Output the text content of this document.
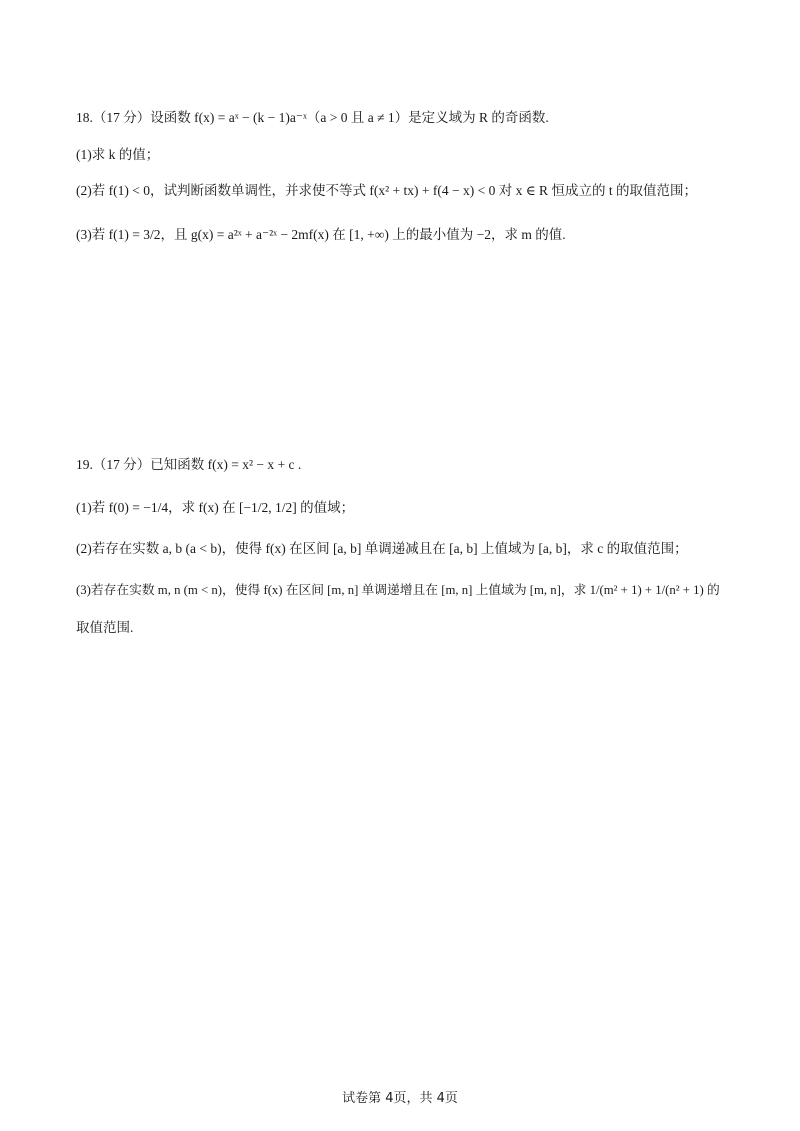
18.（17 分）设函数 f(x) = aˣ − (k − 1)a⁻ˣ（a > 0 且 a ≠ 1）是定义域为 R 的奇函数.
(1)求 k 的值；
(2)若 f(1) < 0，试判断函数单调性，并求使不等式 f(x² + tx) + f(4 − x) < 0 对 x ∈ R 恒成立的 t 的取值范围；
(3)若 f(1) = 3/2，且 g(x) = a²ˣ + a⁻²ˣ − 2mf(x) 在 [1, +∞) 上的最小值为 −2，求 m 的值.
19.（17 分）已知函数 f(x) = x² − x + c .
(1)若 f(0) = −1/4，求 f(x) 在 [−1/2, 1/2] 的值域；
(2)若存在实数 a, b (a < b)，使得 f(x) 在区间 [a, b] 单调递减且在 [a, b] 上值域为 [a, b]，求 c 的取值范围；
(3)若存在实数 m, n (m < n)，使得 f(x) 在区间 [m, n] 单调递增且在 [m, n] 上值域为 [m, n]，求 1/(m² + 1) + 1/(n² + 1) 的
取值范围.
试卷第 4页，共 4页
